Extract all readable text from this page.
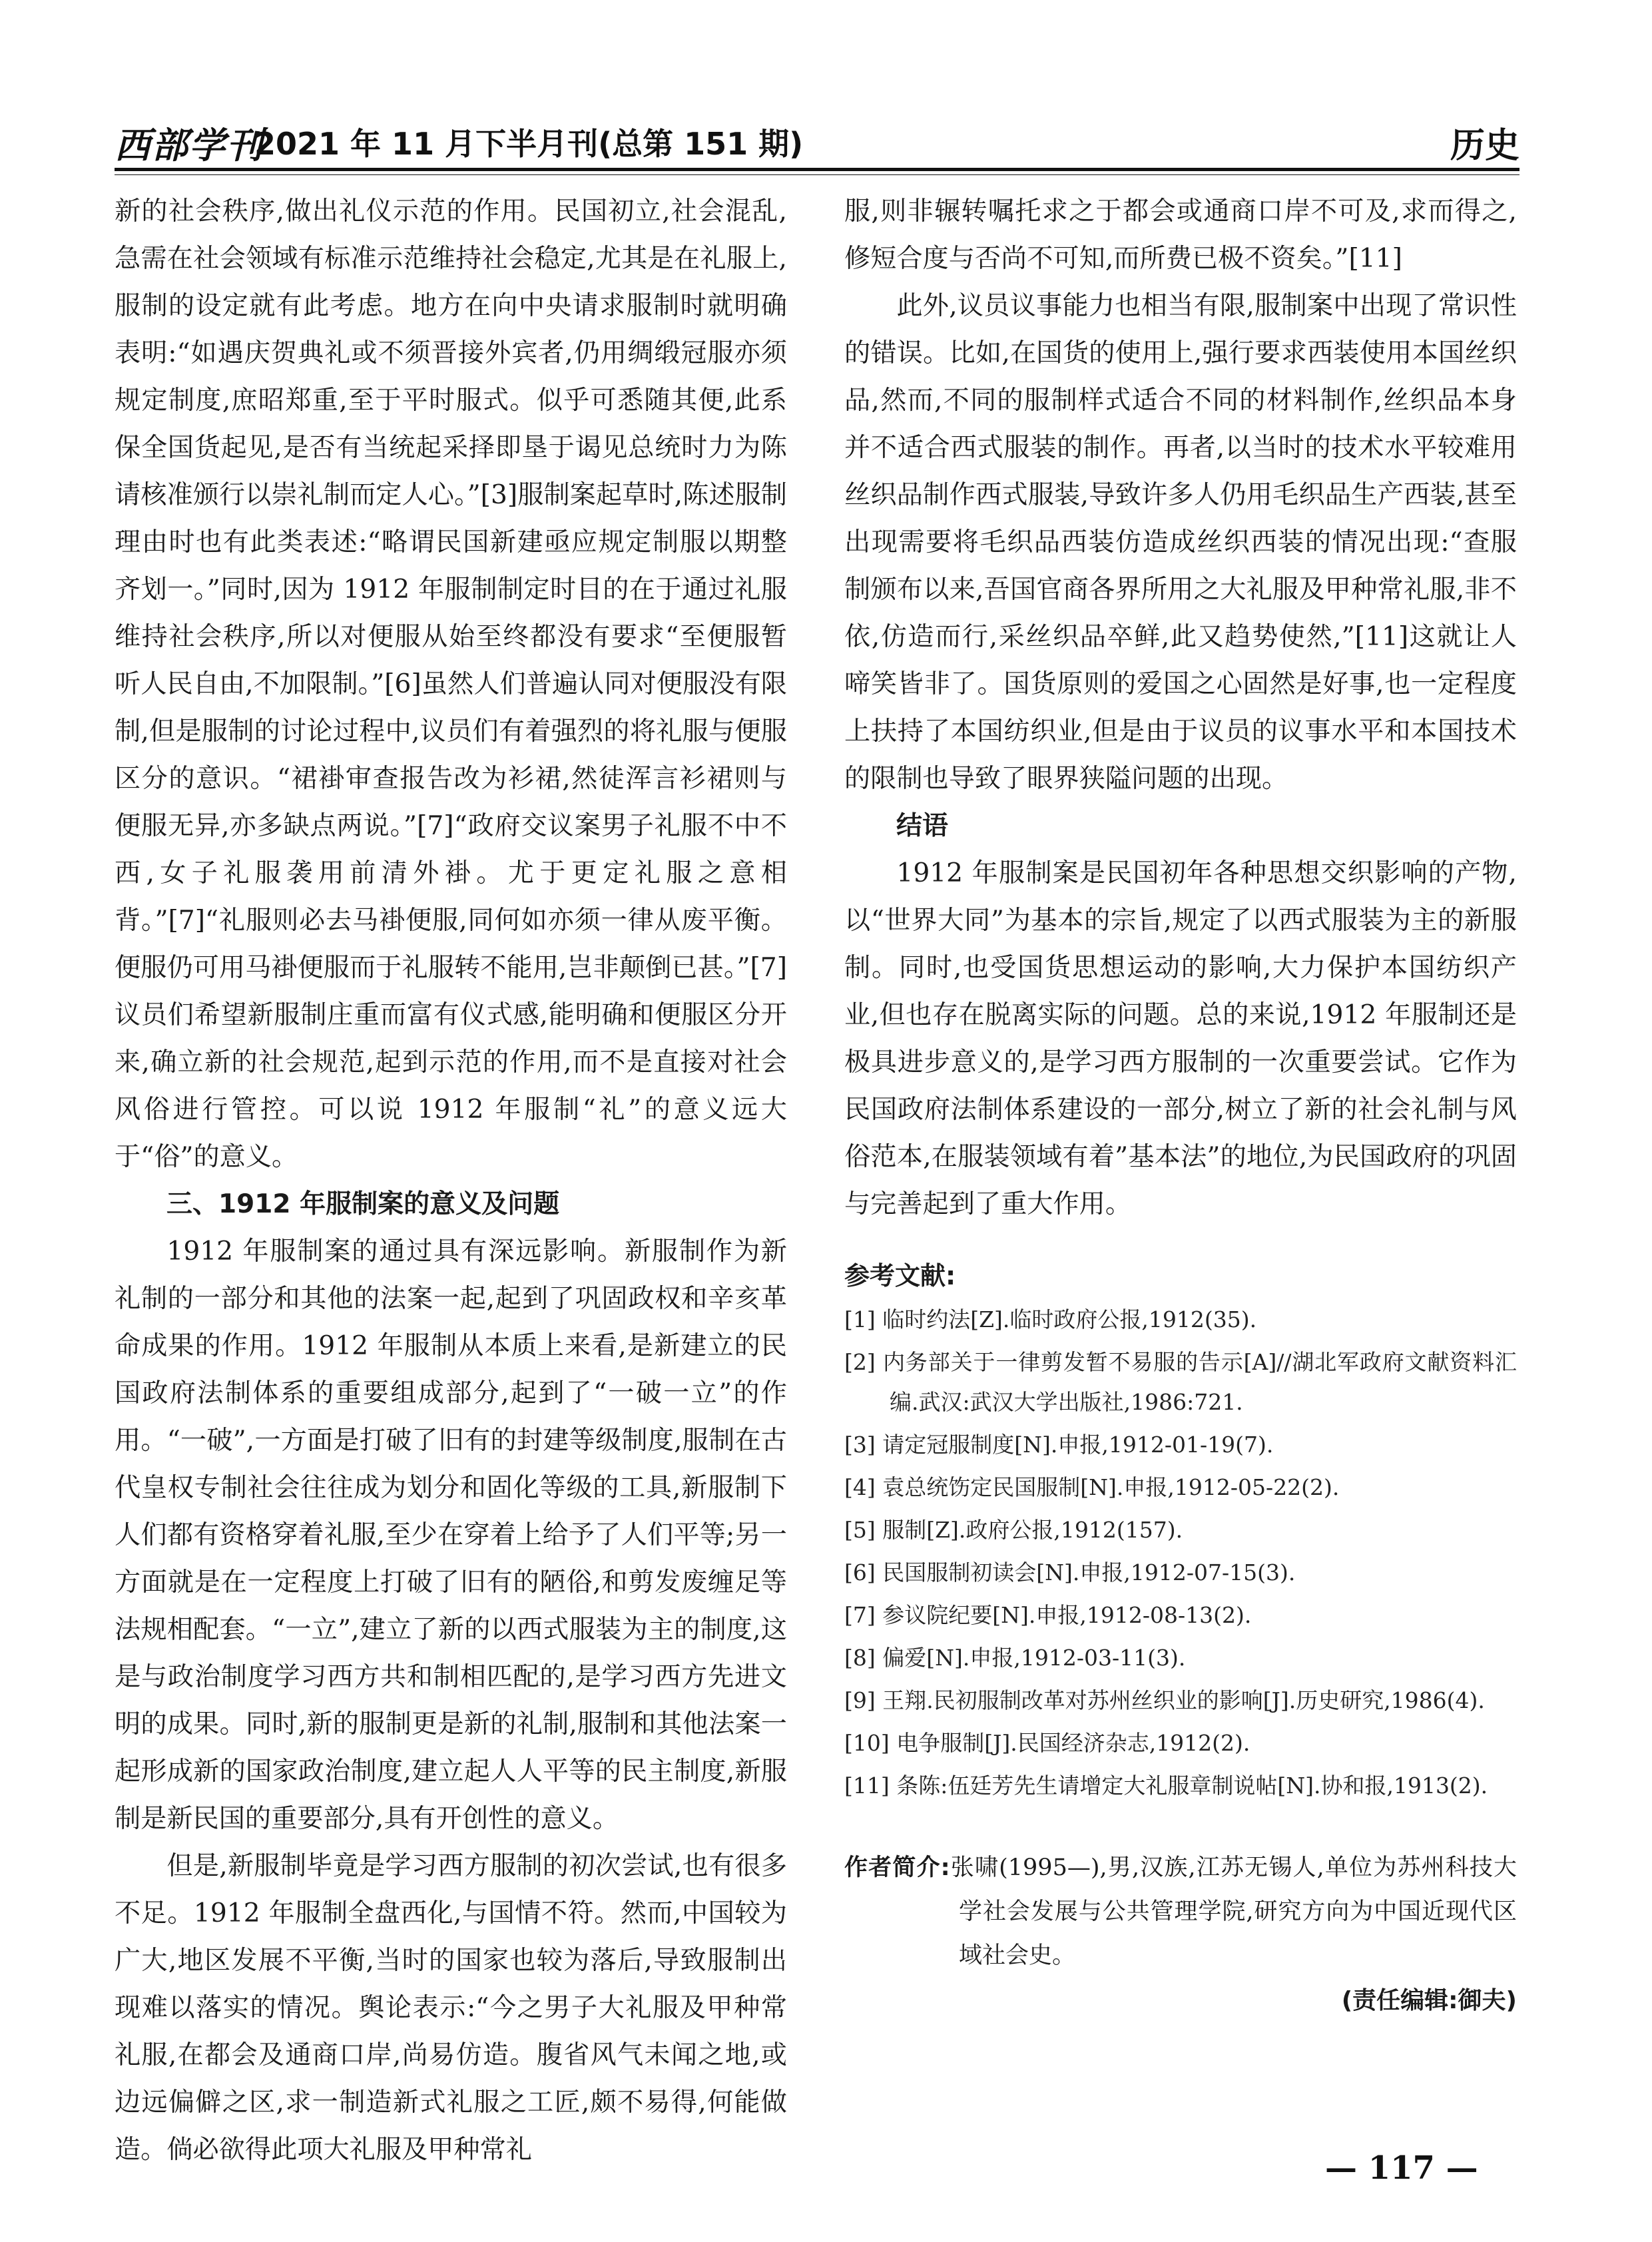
西部学刊
2021 年 11 月下半月刊(总第 151 期)	历史

新的社会秩序,做出礼仪示范的作用。民国初立,社会混乱,急需在社会领域有标准示范维持社会稳定,尤其是在礼服上,服制的设定就有此考虑。地方在向中央请求服制时就明确表明:“如遇庆贺典礼或不须晋接外宾者,仍用绸缎冠服亦须规定制度,庶昭郑重,至于平时服式。似乎可悉随其便,此系保全国货起见,是否有当统起采择即垦于谒见总统时力为陈请核准颁行以崇礼制而定人心。”[3]服制案起草时,陈述服制理由时也有此类表述:“略谓民国新建亟应规定制服以期整齐划一。”同时,因为 1912 年服制制定时目的在于通过礼服维持社会秩序,所以对便服从始至终都没有要求“至便服暂听人民自由,不加限制。”[6]虽然人们普遍认同对便服没有限制,但是服制的讨论过程中,议员们有着强烈的将礼服与便服区分的意识。“裙褂审查报告改为衫裙,然徒浑言衫裙则与便服无异,亦多缺点两说。”[7]“政府交议案男子礼服不中不西,女子礼服袭用前清外褂。尤于更定礼服之意相背。”[7]“礼服则必去马褂便服,同何如亦须一律从废平衡。便服仍可用马褂便服而于礼服转不能用,岂非颠倒已甚。”[7]议员们希望新服制庄重而富有仪式感,能明确和便服区分开来,确立新的社会规范,起到示范的作用,而不是直接对社会风俗进行管控。可以说 1912 年服制“礼”的意义远大于“俗”的意义。

三、1912 年服制案的意义及问题

1912 年服制案的通过具有深远影响。新服制作为新礼制的一部分和其他的法案一起,起到了巩固政权和辛亥革命成果的作用。1912 年服制从本质上来看,是新建立的民国政府法制体系的重要组成部分,起到了“一破一立”的作用。“一破”,一方面是打破了旧有的封建等级制度,服制在古代皇权专制社会往往成为划分和固化等级的工具,新服制下人们都有资格穿着礼服,至少在穿着上给予了人们平等;另一方面就是在一定程度上打破了旧有的陋俗,和剪发废缠足等法规相配套。“一立”,建立了新的以西式服装为主的制度,这是与政治制度学习西方共和制相匹配的,是学习西方先进文明的成果。同时,新的服制更是新的礼制,服制和其他法案一起形成新的国家政治制度,建立起人人平等的民主制度,新服制是新民国的重要部分,具有开创性的意义。

但是,新服制毕竟是学习西方服制的初次尝试,也有很多不足。1912 年服制全盘西化,与国情不符。然而,中国较为广大,地区发展不平衡,当时的国家也较为落后,导致服制出现难以落实的情况。舆论表示:“今之男子大礼服及甲种常礼服,在都会及通商口岸,尚易仿造。腹省风气未闻之地,或边远偏僻之区,求一制造新式礼服之工匠,颇不易得,何能做造。倘必欲得此项大礼服及甲种常礼

服,则非辗转嘱托求之于都会或通商口岸不可及,求而得之,修短合度与否尚不可知,而所费已极不资矣。”[11]

此外,议员议事能力也相当有限,服制案中出现了常识性的错误。比如,在国货的使用上,强行要求西装使用本国丝织品,然而,不同的服制样式适合不同的材料制作,丝织品本身并不适合西式服装的制作。再者,以当时的技术水平较难用丝织品制作西式服装,导致许多人仍用毛织品生产西装,甚至出现需要将毛织品西装仿造成丝织西装的情况出现:“查服制颁布以来,吾国官商各界所用之大礼服及甲种常礼服,非不依,仿造而行,采丝织品卒鲜,此又趋势使然,”[11]这就让人啼笑皆非了。国货原则的爱国之心固然是好事,也一定程度上扶持了本国纺织业,但是由于议员的议事水平和本国技术的限制也导致了眼界狭隘问题的出现。

结语

1912 年服制案是民国初年各种思想交织影响的产物,以“世界大同”为基本的宗旨,规定了以西式服装为主的新服制。同时,也受国货思想运动的影响,大力保护本国纺织产业,但也存在脱离实际的问题。总的来说,1912 年服制还是极具进步意义的,是学习西方服制的一次重要尝试。它作为民国政府法制体系建设的一部分,树立了新的社会礼制与风俗范本,在服装领域有着”基本法”的地位,为民国政府的巩固与完善起到了重大作用。

参考文献:
[1] 临时约法[Z].临时政府公报,1912(35).
[2] 内务部关于一律剪发暂不易服的告示[A]//湖北军政府文献资料汇编.武汉:武汉大学出版社,1986:721.
[3] 请定冠服制度[N].申报,1912-01-19(7).
[4] 袁总统饬定民国服制[N].申报,1912-05-22(2).
[5] 服制[Z].政府公报,1912(157).
[6] 民国服制初读会[N].申报,1912-07-15(3).
[7] 参议院纪要[N].申报,1912-08-13(2).
[8] 偏爱[N].申报,1912-03-11(3).
[9] 王翔.民初服制改革对苏州丝织业的影响[J].历史研究,1986(4).
[10] 电争服制[J].民国经济杂志,1912(2).
[11] 条陈:伍廷芳先生请增定大礼服章制说帖[N].协和报,1913(2).
作者简介:张啸(1995—),男,汉族,江苏无锡人,单位为苏州科技大学社会发展与公共管理学院,研究方向为中国近现代区域社会史。
(责任编辑:御夫)
— 117 —
